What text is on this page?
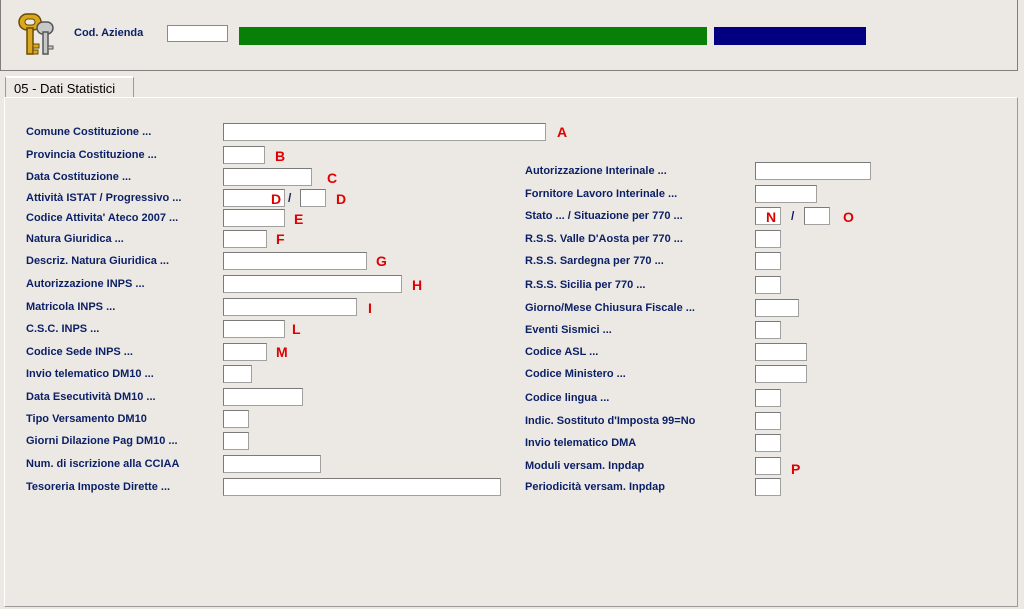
Cod. Azienda
05 - Dati Statistici
Comune Costituzione ...	A
Provincia Costituzione ...	B
Data Costituzione ...	C
Attività ISTAT / Progressivo ...	D /	D
Codice Attivita' Ateco 2007 ...	E
Natura Giuridica ...	F
Descriz. Natura Giuridica ...	G
Autorizzazione INPS ...	H
Matricola INPS ...	I
C.S.C. INPS ...	L
Codice Sede INPS ...	M
Invio telematico DM10 ...
Data Esecutività DM10 ...
Tipo Versamento DM10
Giorni Dilazione Pag DM10 ...
Num. di iscrizione alla CCIAA
Tesoreria Imposte Dirette ...
Autorizzazione Interinale ...
Fornitore Lavoro Interinale ...
Stato ... / Situazione per 770 ...	N /	O
R.S.S. Valle D'Aosta per 770 ...
R.S.S. Sardegna per 770 ...
R.S.S. Sicilia per 770 ...
Giorno/Mese Chiusura Fiscale ...
Eventi Sismici ...
Codice ASL ...
Codice Ministero ...
Codice lingua ...
Indic. Sostituto d'Imposta 99=No
Invio telematico DMA
Moduli versam. Inpdap	P
Periodicità versam. Inpdap
